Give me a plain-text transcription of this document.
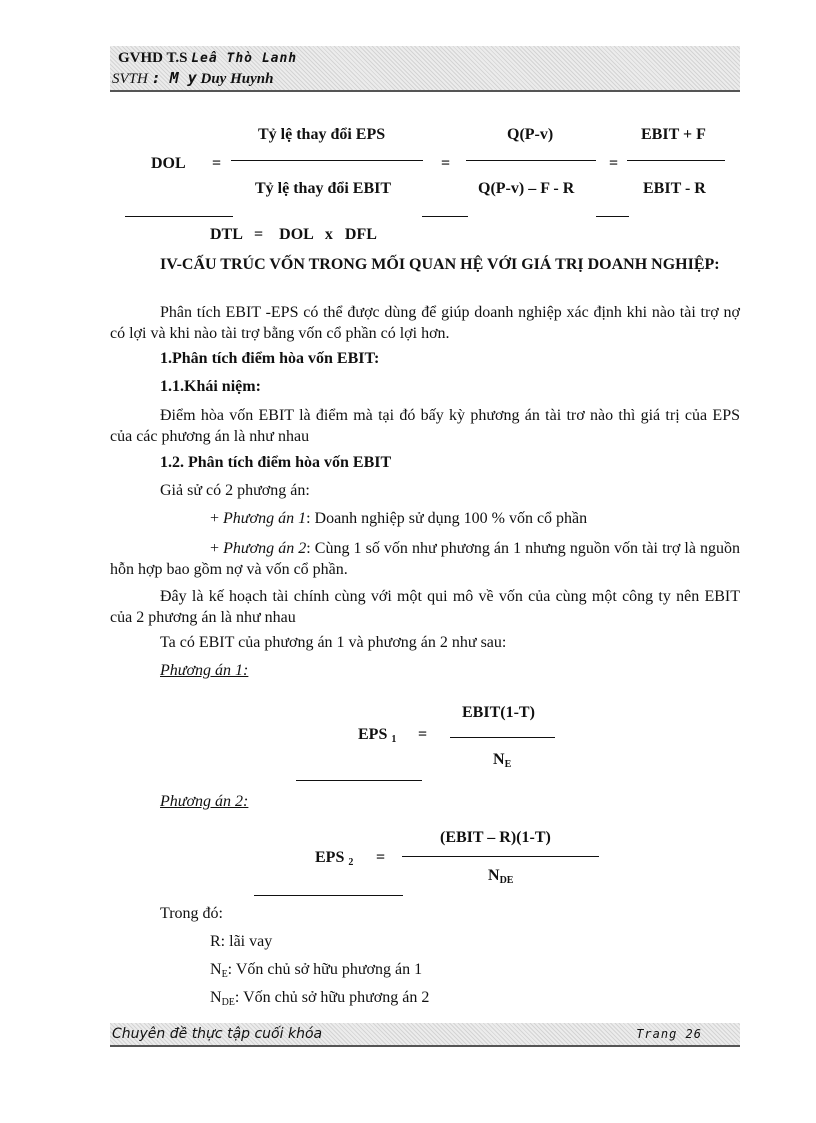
GVHD T.S Leâ Thò Lanh
SVTH : M y Duy Huynh
DOL =
Tỷ lệ thay đổi EPS
Tỷ lệ thay đổi EBIT
=
Q(P-v)
Q(P-v) – F - R
=
EBIT + F
EBIT - R
DTL   =    DOL   x   DFL
IV-CẤU TRÚC VỐN TRONG MỐI QUAN HỆ VỚI GIÁ TRỊ DOANH NGHIỆP:
Phân tích EBIT -EPS có thể được dùng để giúp doanh nghiệp xác định khi nào tài trợ nợ có lợi và khi nào tài trợ bằng vốn cổ phần có lợi hơn.
1.Phân tích điểm hòa vốn EBIT:
1.1.Khái niệm:
Điểm hòa vốn EBIT là điểm mà tại đó bấy kỳ phương án tài trơ nào thì giá trị của EPS của các phương án là như nhau
1.2. Phân tích điểm hòa vốn EBIT
Giả sử có 2 phương án:
+ Phương án 1: Doanh nghiệp sử dụng 100 % vốn cổ phần
+ Phương án 2: Cùng 1 số vốn như phương án 1 nhưng nguồn vốn tài trợ là nguồn hỗn hợp bao gồm nợ và vốn cổ phần.
Đây là kế hoạch tài chính cùng với một qui mô về vốn của cùng một công ty nên EBIT của 2 phương án là như nhau
Ta có EBIT của phương án 1 và phương án 2 như sau:
Phương án 1:
EBIT(1-T)
EPS $_1$ =
$N_E$
Phương án 2:
(EBIT – R)(1-T)
EPS $_2$ =
$N_{DE}$
Trong đó:
R: lãi vay
$N_E$: Vốn chủ sở hữu phương án 1
$N_{DE}$: Vốn chủ sở hữu phương án 2
Chuyên đề thực tập cuối khóa	Trang 26
